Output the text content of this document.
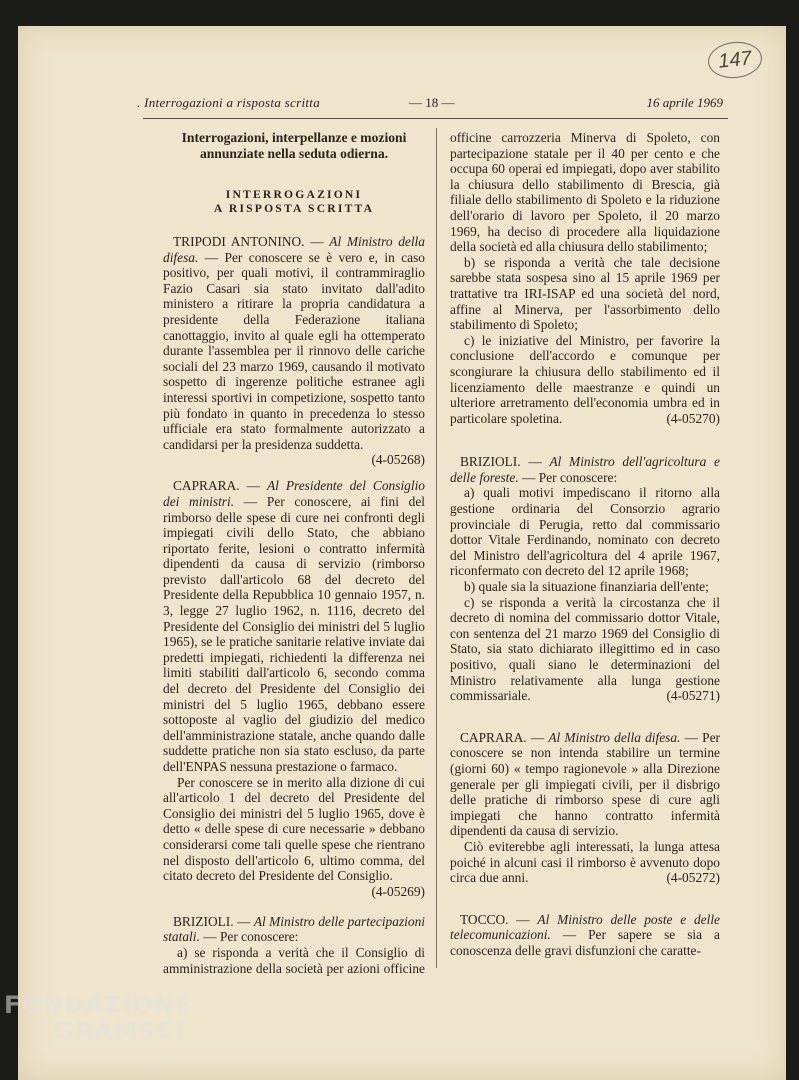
147
. Interrogazioni a risposta scritta	— 18 —	16 aprile 1969
Interrogazioni, interpellanze e mozioni annunziate nella seduta odierna.
INTERROGAZIONI
A RISPOSTA SCRITTA

TRIPODI ANTONINO. — Al Ministro della difesa. — Per conoscere se è vero e, in caso positivo, per quali motivi, il contrammiraglio Fazio Casari sia stato invitato dall'adito ministero a ritirare la propria candidatura a presidente della Federazione italiana canottaggio, invito al quale egli ha ottemperato durante l'assemblea per il rinnovo delle cariche sociali del 23 marzo 1969, causando il motivato sospetto di ingerenze politiche estranee agli interessi sportivi in competizione, sospetto tanto più fondato in quanto in precedenza lo stesso ufficiale era stato formalmente autorizzato a candidarsi per la presidenza suddetta.
(4-05268)

CAPRARA. — Al Presidente del Consiglio dei ministri. — Per conoscere, ai fini del rimborso delle spese di cure nei confronti degli impiegati civili dello Stato, che abbiano riportato ferite, lesioni o contratto infermità dipendenti da causa di servizio (rimborso previsto dall'articolo 68 del decreto del Presidente della Repubblica 10 gennaio 1957, n. 3, legge 27 luglio 1962, n. 1116, decreto del Presidente del Consiglio dei ministri del 5 luglio 1965), se le pratiche sanitarie relative inviate dai predetti impiegati, richiedenti la differenza nei limiti stabiliti dall'articolo 6, secondo comma del decreto del Presidente del Consiglio dei ministri del 5 luglio 1965, debbano essere sottoposte al vaglio del giudizio del medico dell'amministrazione statale, anche quando dalle suddette pratiche non sia stato escluso, da parte dell'ENPAS nessuna prestazione o farmaco.

Per conoscere se in merito alla dizione di cui all'articolo 1 del decreto del Presidente del Consiglio dei ministri del 5 luglio 1965, dove è detto « delle spese di cure necessarie » debbano considerarsi come tali quelle spese che rientrano nel disposto dell'articolo 6, ultimo comma, del citato decreto del Presidente del Consiglio.
(4-05269)

BRIZIOLI. — Al Ministro delle partecipazioni statali. — Per conoscere:

a) se risponda a verità che il Consiglio di amministrazione della società per azioni officine

officine carrozzeria Minerva di Spoleto, con partecipazione statale per il 40 per cento e che occupa 60 operai ed impiegati, dopo aver stabilito la chiusura dello stabilimento di Brescia, già filiale dello stabilimento di Spoleto e la riduzione dell'orario di lavoro per Spoleto, il 20 marzo 1969, ha deciso di procedere alla liquidazione della società ed alla chiusura dello stabilimento;

b) se risponda a verità che tale decisione sarebbe stata sospesa sino al 15 aprile 1969 per trattative tra IRI-ISAP ed una società del nord, affine al Minerva, per l'assorbimento dello stabilimento di Spoleto;

c) le iniziative del Ministro, per favorire la conclusione dell'accordo e comunque per scongiurare la chiusura dello stabilimento ed il licenziamento delle maestranze e quindi un ulteriore arretramento dell'economia umbra ed in particolare spoletina.	(4-05270)

BRIZIOLI. — Al Ministro dell'agricoltura e delle foreste. — Per conoscere:

a) quali motivi impediscano il ritorno alla gestione ordinaria del Consorzio agrario provinciale di Perugia, retto dal commissario dottor Vitale Ferdinando, nominato con decreto del Ministro dell'agricoltura del 4 aprile 1967, riconfermato con decreto del 12 aprile 1968;

b) quale sia la situazione finanziaria dell'ente;

c) se risponda a verità la circostanza che il decreto di nomina del commissario dottor Vitale, con sentenza del 21 marzo 1969 del Consiglio di Stato, sia stato dichiarato illegittimo ed in caso positivo, quali siano le determinazioni del Ministro relativamente alla lunga gestione commissariale.	(4-05271)

CAPRARA. — Al Ministro della difesa. — Per conoscere se non intenda stabilire un termine (giorni 60) « tempo ragionevole » alla Direzione generale per gli impiegati civili, per il disbrigo delle pratiche di rimborso spese di cure agli impiegati che hanno contratto infermità dipendenti da causa di servizio.

Ciò eviterebbe agli interessati, la lunga attesa poiché in alcuni casi il rimborso è avvenuto dopo circa due anni.	(4-05272)

TOCCO. — Al Ministro delle poste e delle telecomunicazioni. — Per sapere se sia a conoscenza delle gravi disfunzioni che caratte-

FONDAZIONE
GRAMSCI
onlus
